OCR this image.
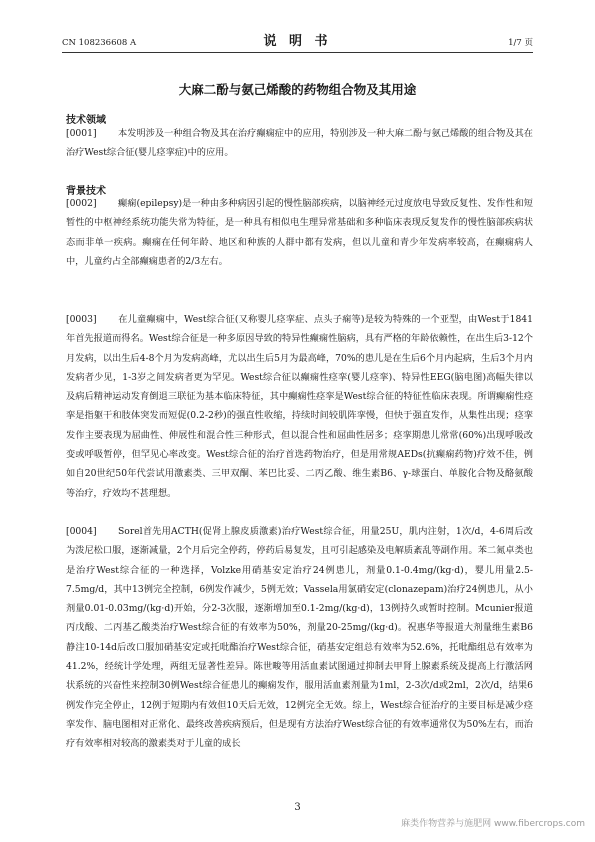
CN 108236608 A	说 明 书	1/7 页
大麻二酚与氨己烯酸的药物组合物及其用途
技术领域
[0001] 本发明涉及一种组合物及其在治疗癫痫症中的应用，特别涉及一种大麻二酚与氨己烯酸的组合物及其在治疗West综合征(婴儿痉挛症)中的应用。
背景技术
[0002] 癫痫(epilepsy)是一种由多种病因引起的慢性脑部疾病，以脑神经元过度放电导致反复性、发作性和短暂性的中枢神经系统功能失常为特征，是一种具有相似电生理异常基础和多种临床表现反复发作的慢性脑部疾病状态而非单一疾病。癫痫在任何年龄、地区和种族的人群中都有发病，但以儿童和青少年发病率较高，在癫痫病人中，儿童约占全部癫痫患者的2/3左右。
[0003] 在儿童癫痫中，West综合征(又称婴儿痉挛症、点头子痫等)是较为特殊的一个亚型，由West于1841年首先报道而得名。West综合征是一种多原因导致的特异性癫痫性脑病，具有严格的年龄依赖性，在出生后3-12个月发病，以出生后4-8个月为发病高峰，尤以出生后5月为最高峰，70%的患儿是在生后6个月内起病，生后3个月内发病者少见，1-3岁之间发病者更为罕见。West综合征以癫痫性痉挛(婴儿痉挛)、特异性EEG(脑电图)高幅失律以及病后精神运动发育倒退三联征为基本临床特征，其中癫痫性痉挛是West综合征的特征性临床表现。所谓癫痫性痉挛是指躯干和肢体突发而短促(0.2-2秒)的强直性收缩，持续时间较肌阵挛慢，但快于强直发作，从集性出现；痉挛发作主要表现为屈曲性、伸展性和混合性三种形式，但以混合性和屈曲性居多；痉挛期患儿常常(60%)出现呼吸改变或呼吸暂停，但罕见心率改变。West综合征的治疗首选药物治疗，但是用常规AEDs(抗癫痫药物)疗效不佳，例如自20世纪50年代尝试用激素类、三甲双酮、苯巴比妥、二丙乙酸、维生素B6、γ-球蛋白、单胺化合物及酪氨酸等治疗，疗效均不甚理想。
[0004] Sorel首先用ACTH(促肾上腺皮质激素)治疗West综合征，用量25U，肌内注射，1次/d，4-6周后改为泼尼松口服，逐渐减量，2个月后完全停药，停药后易复发，且可引起感染及电解质紊乱等副作用。苯二氮卓类也是治疗West综合征的一种选择，Volzke用硝基安定治疗24例患儿，剂量0.1-0.4mg/(kg·d)，婴儿用量2.5-7.5mg/d，其中13例完全控制，6例发作减少，5例无效；Vassela用氯硝安定(clonazepam)治疗24例患儿，从小剂量0.01-0.03mg/(kg·d)开始，分2-3次服，逐渐增加至0.1-2mg/(kg·d)，13例持久或暂时控制。Mcunier报道丙戊酸、二丙基乙酸类治疗West综合征的有效率为50%，剂量20-25mg/(kg·d)。祝惠华等报道大剂量维生素B6静注10-14d后改口服加硝基安定或托吡酯治疗West综合征，硝基安定组总有效率为52.6%，托吡酯组总有效率为41.2%，经统计学处理，两组无显著性差异。陈世畯等用活血素试图通过抑制去甲肾上腺素系统及提高上行激活网状系统的兴奋性来控制30例West综合征患儿的癫痫发作，服用活血素剂量为1ml，2-3次/d或2ml，2次/d，结果6例发作完全停止，12例于短期内有效但10天后无效，12例完全无效。综上，West综合征治疗的主要目标是减少痉挛发作、脑电图相对正常化、最终改善疾病预后，但是现有方法治疗West综合征的有效率通常仅为50%左右，而治疗有效率相对较高的激素类对于儿童的成长
3
麻类作物营养与施肥网 www.fibercrops.com
